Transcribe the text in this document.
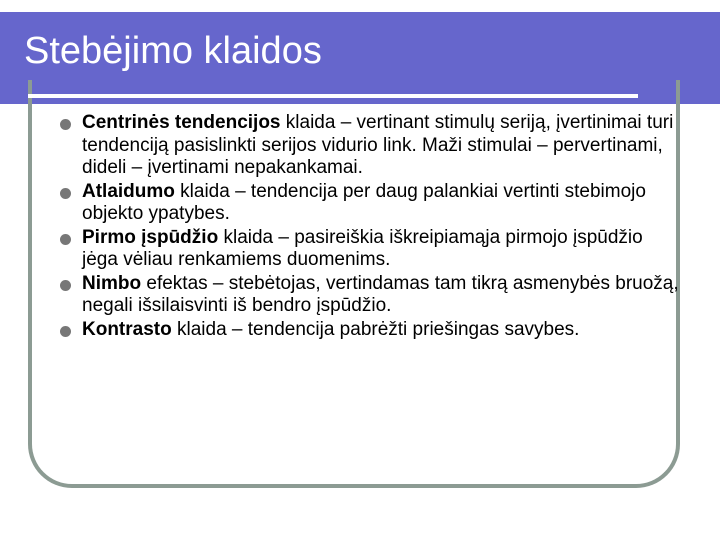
Stebėjimo klaidos
Centrinės tendencijos klaida – vertinant stimulų seriją, įvertinimai turi tendenciją pasislinkti serijos vidurio link. Maži stimulai – pervertinami, dideli – įvertinami nepakankamai.
Atlaidumo klaida – tendencija per daug palankiai vertinti stebimojo objekto ypatybes.
Pirmo įspūdžio klaida – pasireiškia iškreipiamąja pirmojo įspūdžio jėga vėliau renkamiems duomenims.
Nimbo efektas – stebėtojas, vertindamas tam tikrą asmenybės bruožą, negali išsilaisvinti iš bendro įspūdžio.
Kontrasto klaida – tendencija pabrėžti priešingas savybes.
